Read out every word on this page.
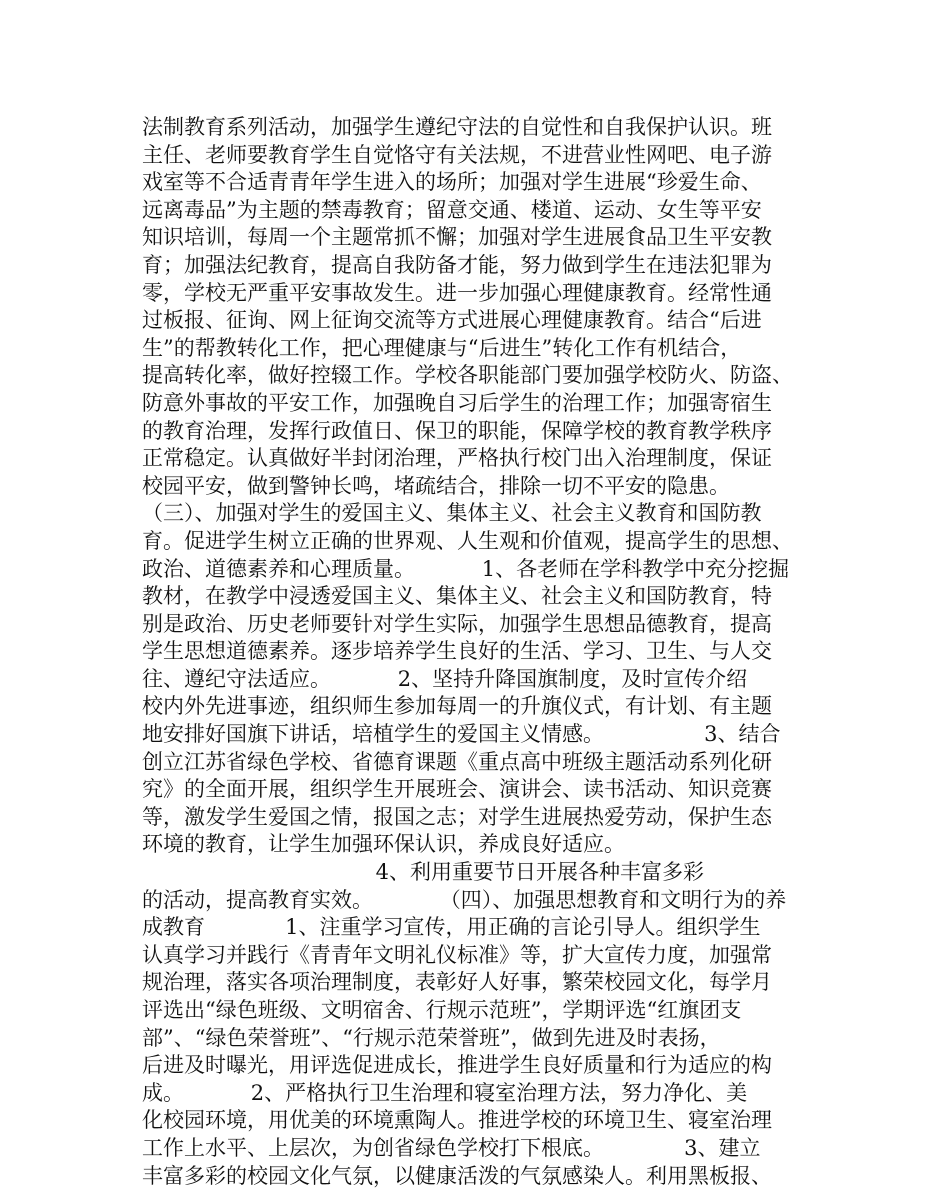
法制教育系列活动，加强学生遵纪守法的自觉性和自我保护认识。班
主任、老师要教育学生自觉恪守有关法规，不进营业性网吧、电子游
戏室等不合适青青年学生进入的场所；加强对学生进展“珍爱生命、
远离毒品”为主题的禁毒教育；留意交通、楼道、运动、女生等平安
知识培训，每周一个主题常抓不懈；加强对学生进展食品卫生平安教
育；加强法纪教育，提高自我防备才能，努力做到学生在违法犯罪为
零，学校无严重平安事故发生。进一步加强心理健康教育。经常性通
过板报、征询、网上征询交流等方式进展心理健康教育。结合“后进
生”的帮教转化工作，把心理健康与“后进生”转化工作有机结合，
提高转化率，做好控辍工作。学校各职能部门要加强学校防火、防盗、
防意外事故的平安工作，加强晚自习后学生的治理工作；加强寄宿生
的教育治理，发挥行政值日、保卫的职能，保障学校的教育教学秩序
正常稳定。认真做好半封闭治理，严格执行校门出入治理制度，保证
校园平安，做到警钟长鸣，堵疏结合，排除一切不平安的隐患。
（三）、加强对学生的爱国主义、集体主义、社会主义教育和国防教
育。促进学生树立正确的世界观、人生观和价值观，提高学生的思想、
政治、道德素养和心理质量。          1、各老师在学科教学中充分挖掘
教材，在教学中浸透爱国主义、集体主义、社会主义和国防教育，特
别是政治、历史老师要针对学生实际，加强学生思想品德教育，提高
学生思想道德素养。逐步培养学生良好的生活、学习、卫生、与人交
往、遵纪守法适应。          2、坚持升降国旗制度，及时宣传介绍
校内外先进事迹，组织师生参加每周一的升旗仪式，有计划、有主题
地安排好国旗下讲话，培植学生的爱国主义情感。               3、结合
创立江苏省绿色学校、省德育课题《重点高中班级主题活动系列化研
究》的全面开展，组织学生开展班会、演讲会、读书活动、知识竞赛
等，激发学生爱国之情，报国之志；对学生进展热爱劳动，保护生态
环境的教育，让学生加强环保认识，养成良好适应。
4、利用重要节日开展各种丰富多彩
的活动，提高教育实效。          （四）、加强思想教育和文明行为的养
成教育            1、注重学习宣传，用正确的言论引导人。组织学生
认真学习并践行《青青年文明礼仪标准》等，扩大宣传力度，加强常
规治理，落实各项治理制度，表彰好人好事，繁荣校园文化，每学月
评选出“绿色班级、文明宿舍、行规示范班”，学期评选“红旗团支
部”、“绿色荣誉班”、“行规示范荣誉班”，做到先进及时表扬，
后进及时曝光，用评选促进成长，推进学生良好质量和行为适应的构
成。          2、严格执行卫生治理和寝室治理方法，努力净化、美
化校园环境，用优美的环境熏陶人。推进学校的环境卫生、寝室治理
工作上水平、上层次，为创省绿色学校打下根底。            3、建立
丰富多彩的校园文化气氛，以健康活泼的气氛感染人。利用黑板报、
